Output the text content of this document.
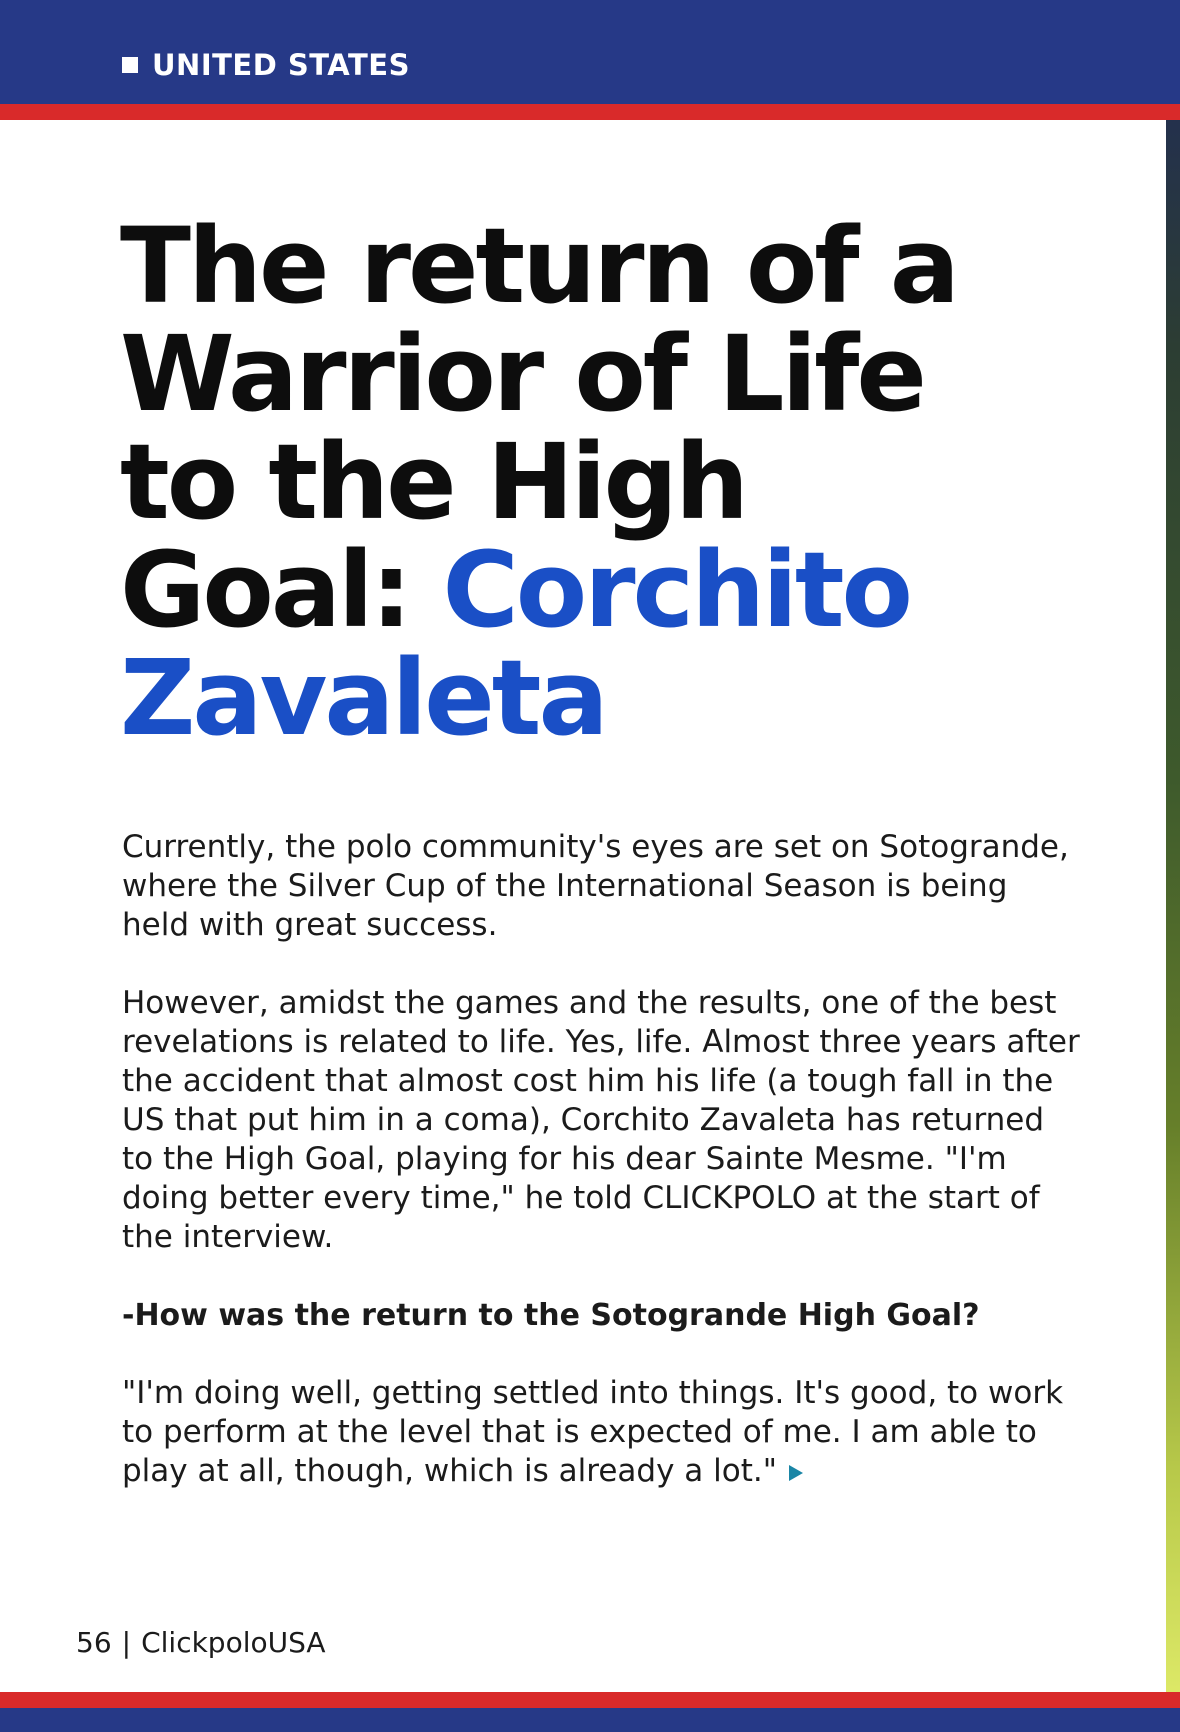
UNITED STATES
The return of a Warrior of Life to the High Goal: Corchito Zavaleta

Currently, the polo community's eyes are set on Sotogrande, where the Silver Cup of the International Season is being held with great success.

However, amidst the games and the results, one of the best revelations is related to life. Yes, life. Almost three years after the accident that almost cost him his life (a tough fall in the US that put him in a coma), Corchito Zavaleta has returned to the High Goal, playing for his dear Sainte Mesme. "I'm doing better every time," he told CLICKPOLO at the start of the interview.

-How was the return to the Sotogrande High Goal?

"I'm doing well, getting settled into things. It's good, to work to perform at the level that is expected of me. I am able to play at all, though, which is already a lot."

56 | ClickpoloUSA
